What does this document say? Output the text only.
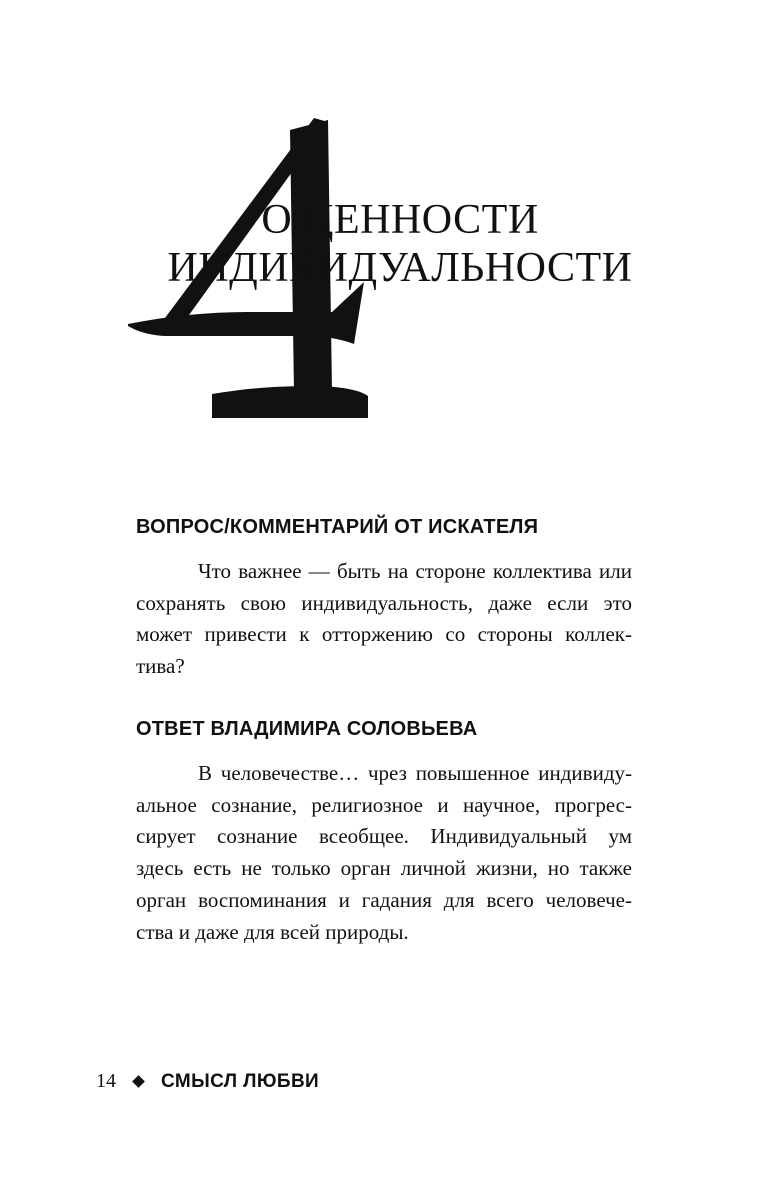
О ЦЕННОСТИ
ИНДИВИДУАЛЬНОСТИ
ВОПРОС/КОММЕНТАРИЙ ОТ ИСКАТЕЛЯ
Что важнее — быть на стороне коллектива или
сохранять свою индивидуальность, даже если это
может привести к отторжению со стороны коллек-
тива?
ОТВЕТ ВЛАДИМИРА СОЛОВЬЕВА
В человечестве… чрез повышенное индивиду-
альное сознание, религиозное и научное, прогрес-
сирует сознание всеобщее. Индивидуальный ум
здесь есть не только орган личной жизни, но также
орган воспоминания и гадания для всего человече-
ства и даже для всей природы.
14 СМЫСЛ ЛЮБВИ
